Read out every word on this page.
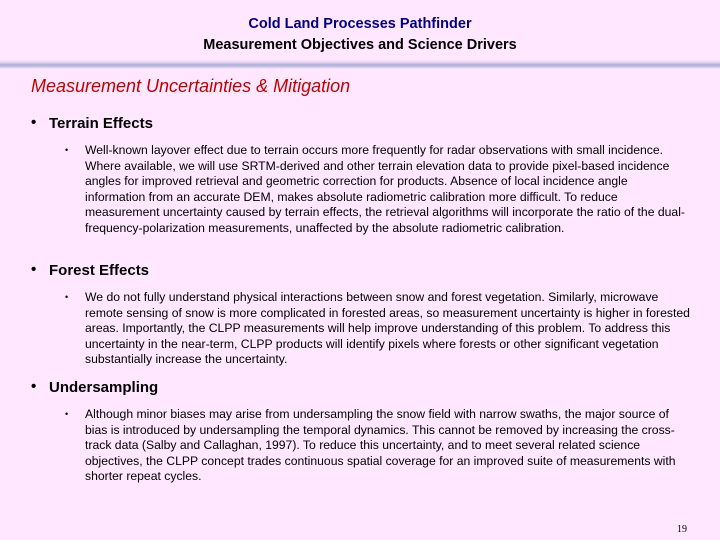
Cold Land Processes Pathfinder
Measurement Objectives and Science Drivers
Measurement Uncertainties & Mitigation
• Terrain Effects
• Well-known layover effect due to terrain occurs more frequently for radar observations with small incidence. Where available, we will use SRTM-derived and other terrain elevation data to provide pixel-based incidence angles for improved retrieval and geometric correction for products. Absence of local incidence angle information from an accurate DEM, makes absolute radiometric calibration more difficult. To reduce measurement uncertainty caused by terrain effects, the retrieval algorithms will incorporate the ratio of the dual-frequency-polarization measurements, unaffected by the absolute radiometric calibration.
• Forest Effects
• We do not fully understand physical interactions between snow and forest vegetation. Similarly, microwave remote sensing of snow is more complicated in forested areas, so measurement uncertainty is higher in forested areas. Importantly, the CLPP measurements will help improve understanding of this problem. To address this uncertainty in the near-term, CLPP products will identify pixels where forests or other significant vegetation substantially increase the uncertainty.
• Undersampling
• Although minor biases may arise from undersampling the snow field with narrow swaths, the major source of bias is introduced by undersampling the temporal dynamics. This cannot be removed by increasing the cross-track data (Salby and Callaghan, 1997). To reduce this uncertainty, and to meet several related science objectives, the CLPP concept trades continuous spatial coverage for an improved suite of measurements with shorter repeat cycles.
19
